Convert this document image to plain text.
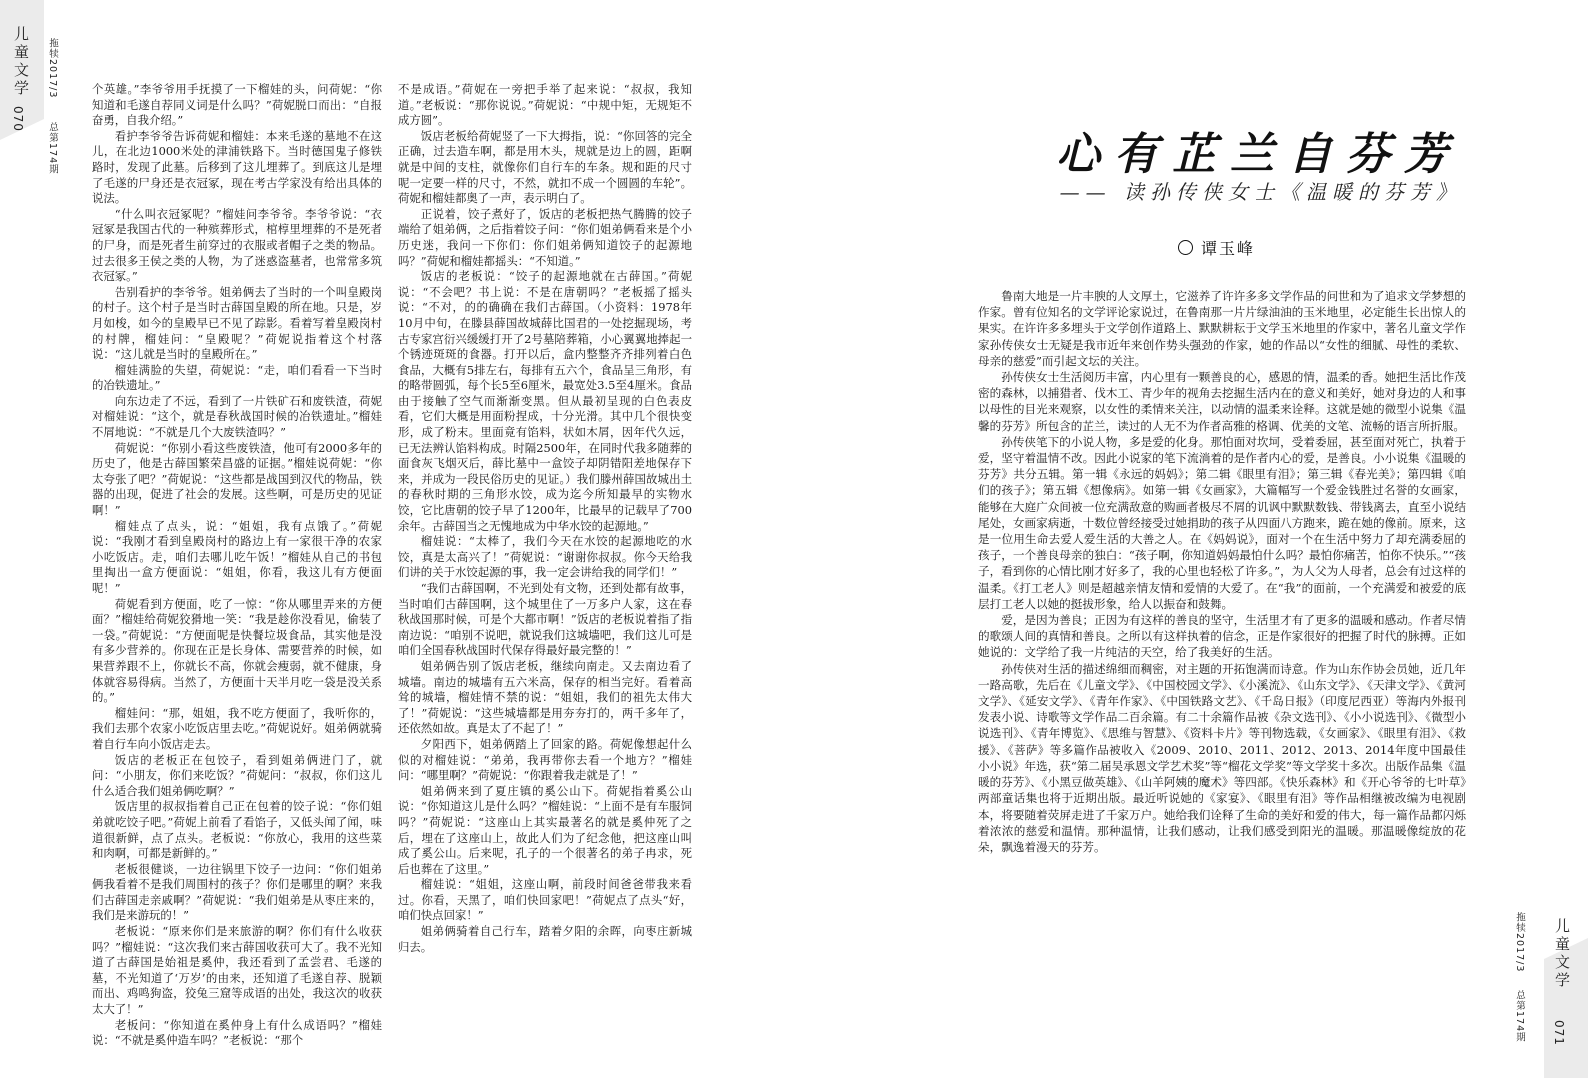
儿童文学
070
拖犊2017/3
总第174期

个英雄。”李爷爷用手抚摸了一下榴娃的头，问荷妮：“你知道和毛遂自荐同义词是什么吗？”荷妮脱口而出：“自报奋勇，自我介绍。”

看护李爷爷告诉荷妮和榴娃：本来毛遂的墓地不在这儿，在北边1000米处的津浦铁路下。当时德国鬼子修铁路时，发现了此墓。后移到了这儿埋葬了。到底这儿是埋了毛遂的尸身还是衣冠冢，现在考古学家没有给出具体的说法。

“什么叫衣冠冢呢？”榴娃问李爷爷。李爷爷说：“衣冠冢是我国古代的一种殡葬形式，棺椁里埋葬的不是死者的尸身，而是死者生前穿过的衣服或者帽子之类的物品。过去很多王侯之类的人物，为了迷惑盗墓者，也常常多筑衣冠冢。”

告别看护的李爷爷。姐弟俩去了当时的一个叫皇殿岗的村子。这个村子是当时古薛国皇殿的所在地。只是，岁月如梭，如今的皇殿早已不见了踪影。看着写着皇殿岗村的村牌，榴娃问：“皇殿呢？”荷妮说指着这个村落说：“这儿就是当时的皇殿所在。”

榴娃满脸的失望，荷妮说：“走，咱们看看一下当时的冶铁遗址。”

向东边走了不远，看到了一片铁矿石和废铁渣，荷妮对榴娃说：“这个，就是春秋战国时候的冶铁遗址。”榴娃不屑地说：“不就是几个大废铁渣吗？”

荷妮说：“你别小看这些废铁渣，他可有2000多年的历史了，他是古薛国繁荣昌盛的证据。”榴娃说荷妮：“你太夸张了吧？”荷妮说：“这些都是战国到汉代的物品，铁器的出现，促进了社会的发展。这些啊，可是历史的见证啊！”

榴娃点了点头，说：“姐姐，我有点饿了。”荷妮说：“我刚才看到皇殿岗村的路边上有一家很干净的农家小吃饭店。走，咱们去哪儿吃午饭！”榴娃从自己的书包里掏出一盒方便面说：“姐姐，你看，我这儿有方便面呢！”

荷妮看到方便面，吃了一惊：“你从哪里弄来的方便面？”榴娃给荷妮狡猾地一笑：“我是趁你没看见，偷装了一袋。”荷妮说：“方便面呢是快餐垃圾食品，其实他是没有多少营养的。你现在正是长身体、需要营养的时候，如果营养跟不上，你就长不高，你就会瘦弱，就不健康，身体就容易得病。当然了，方便面十天半月吃一袋是没关系的。”

榴娃问：“那，姐姐，我不吃方便面了，我听你的，我们去那个农家小吃饭店里去吃。”荷妮说好。姐弟俩就骑着自行车向小饭店走去。

饭店的老板正在包饺子，看到姐弟俩进门了，就问：“小朋友，你们来吃饭？”荷妮问：“叔叔，你们这儿什么适合我们姐弟俩吃啊？”

饭店里的叔叔指着自己正在包着的饺子说：“你们姐弟就吃饺子吧。”荷妮上前看了看馅子，又低头闻了闻，味道很新鲜，点了点头。老板说：“你放心，我用的这些菜和肉啊，可都是新鲜的。”

老板很健谈，一边往锅里下饺子一边问：“你们姐弟俩我看着不是我们周围村的孩子？你们是哪里的啊？来我们古薛国走亲戚啊？”荷妮说：“我们姐弟是从枣庄来的，我们是来游玩的！”

老板说：“原来你们是来旅游的啊？你们有什么收获吗？”榴娃说：“这次我们来古薛国收获可大了。我不光知道了古薛国是始祖是奚仲，我还看到了孟尝君、毛遂的墓，不光知道了‘万岁’的由来，还知道了毛遂自荐、脱颖而出、鸡鸣狗盗，狡兔三窟等成语的出处，我这次的收获太大了！”

老板问：“你知道在奚仲身上有什么成语吗？”榴娃说：“不就是奚仲造车吗？”老板说：“那个

不是成语。”荷妮在一旁把手举了起来说：“叔叔，我知道。”老板说：“那你说说。”荷妮说：“中规中矩，无规矩不成方圆”。

饭店老板给荷妮竖了一下大拇指，说：“你回答的完全正确，过去造车啊，都是用木头，规就是边上的圆，距啊就是中间的支柱，就像你们自行车的车条。规和距的尺寸呢一定要一样的尺寸，不然，就扣不成一个圆圆的车轮”。荷妮和榴娃都奥了一声，表示明白了。

正说着，饺子煮好了，饭店的老板把热气腾腾的饺子端给了姐弟俩，之后指着饺子问：“你们姐弟俩看来是个小历史迷，我问一下你们：你们姐弟俩知道饺子的起源地吗？”荷妮和榴娃都摇头：“不知道。”

饭店的老板说：“饺子的起源地就在古薛国。”荷妮说：“不会吧？书上说：不是在唐朝吗？”老板摇了摇头说：“不对，的的确确在我们古薛国。（小资料：1978年10月中旬，在滕县薛国故城薛比国君的一处挖掘现场，考古专家宫衍兴缓缓打开了2号墓陪葬箱，小心翼翼地捧起一个锈迹斑斑的食器。打开以后，盒内整整齐齐排列着白色食品，大概有5排左右，每排有五六个，食品呈三角形，有的略带圆弧，每个长5至6厘米，最宽处3.5至4厘米。食品由于接触了空气而渐渐变黑。但从最初呈现的白色表皮看，它们大概是用面粉捏成，十分光滑。其中几个很快变形，成了粉末。里面竟有馅料，状如木屑，因年代久远，已无法辨认馅料构成。时隔2500年，在同时代我多随葬的面食灰飞烟灭后，薛比墓中一盒饺子却阴错阳差地保存下来，并成为一段民俗历史的见证。）我们滕州薛国故城出土的春秋时期的三角形水饺，成为迄今所知最早的实物水饺，它比唐朝的饺子早了1200年，比最早的记载早了700余年。古薛国当之无愧地成为中华水饺的起源地。”

榴娃说：“太棒了，我们今天在水饺的起源地吃的水饺，真是太高兴了！”荷妮说：“谢谢你叔叔。你今天给我们讲的关于水饺起源的事，我一定会讲给我的同学们！”

“我们古薛国啊，不光到处有文物，还到处都有故事，当时咱们古薛国啊，这个城里住了一万多户人家，这在春秋战国那时候，可是个大都市啊！”饭店的老板说着指了指南边说：“咱别不说吧，就说我们这城墙吧，我们这儿可是咱们全国春秋战国时代保存得最好最完整的！”

姐弟俩告别了饭店老板，继续向南走。又去南边看了城墙。南边的城墙有五六米高，保存的相当完好。看着高耸的城墙，榴娃情不禁的说：“姐姐，我们的祖先太伟大了！”荷妮说：“这些城墙都是用夯夯打的，两千多年了，还依然如故。真是太了不起了！”

夕阳西下，姐弟俩踏上了回家的路。荷妮像想起什么似的对榴娃说：“弟弟，我再带你去看一个地方？”榴娃问：“哪里啊？”荷妮说：“你跟着我走就是了！”

姐弟俩来到了夏庄镇的奚公山下。荷妮指着奚公山说：“你知道这儿是什么吗？”榴娃说：“上面不是有车服饲吗？”荷妮说：“这座山上其实最著名的就是奚仲死了之后，埋在了这座山上，故此人们为了纪念他，把这座山叫成了奚公山。后来呢，孔子的一个很著名的弟子冉求，死后也葬在了这里。”

榴娃说：“姐姐，这座山啊，前段时间爸爸带我来看过。你看，天黑了，咱们快回家吧！”荷妮点了点头“好，咱们快点回家！”

姐弟俩骑着自己行车，踏着夕阳的余晖，向枣庄新城归去。

心有芷兰自芬芳
—— 读孙传侠女士《温暖的芬芳》
谭玉峰

鲁南大地是一片丰腴的人文厚土，它滋养了许许多多文学作品的问世和为了追求文学梦想的作家。曾有位知名的文学评论家说过，在鲁南那一片片绿油油的玉米地里，必定能生长出惊人的果实。在许许多多埋头于文学创作道路上、默默耕耘于文学玉米地里的作家中，著名儿童文学作家孙传侠女士无疑是我市近年来创作势头强劲的作家，她的作品以“女性的细腻、母性的柔软、母亲的慈爱”而引起文坛的关注。

孙传侠女士生活阅历丰富，内心里有一颗善良的心，感恩的情，温柔的香。她把生活比作茂密的森林，以捕猎者、伐木工、青少年的视角去挖掘生活内在的意义和美好，她对身边的人和事以母性的目光来观察，以女性的柔情来关注，以动情的温柔来诠释。这就是她的微型小说集《温馨的芬芳》所包含的芷兰，读过的人无不为作者高雅的格调、优美的文笔、流畅的语言所折服。

孙传侠笔下的小说人物，多是爱的化身。那怕面对坎坷，受着委屈，甚至面对死亡，执着于爱，坚守着温情不改。因此小说家的笔下流淌着的是作者内心的爱，是善良。小小说集《温暖的芬芳》共分五辑。第一辑《永远的妈妈》；第二辑《眼里有泪》；第三辑《春光美》；第四辑《咱们的孩子》；第五辑《想像病》。如第一辑《女画家》，大篇幅写一个爱金钱胜过名誉的女画家，能够在大庭广众间被一位充满敌意的购画者极尽不屑的讥讽中默默数钱、带钱离去，直至小说结尾处，女画家病逝，十数位曾经接受过她捐助的孩子从四面八方跑来，跪在她的像前。原来，这是一位用生命去爱人爱生活的大善之人。在《妈妈说》，面对一个在生活中努力了却充满委屈的孩子，一个善良母亲的独白：“孩子啊，你知道妈妈最怕什么吗？最怕你痛苦，怕你不快乐。”“孩子，看到你的心情比刚才好多了，我的心里也轻松了许多。”，为人父为人母者，总会有过这样的温柔。《打工老人》则是超越亲情友情和爱情的大爱了。在“我”的面前，一个充满爱和被爱的底层打工老人以她的挺拔形象，给人以振奋和鼓舞。

爱，是因为善良；正因为有这样的善良的坚守，生活里才有了更多的温暖和感动。作者尽情的歌颂人间的真情和善良。之所以有这样执着的信念，正是作家很好的把握了时代的脉搏。正如她说的：文学给了我一片纯洁的天空，给了我美好的生活。

孙传侠对生活的描述绵细而稠密，对主题的开拓饱满而诗意。作为山东作协会员她，近几年一路高歌，先后在《儿童文学》、《中国校园文学》、《小溪流》、《山东文学》、《天津文学》、《黄河文学》、《延安文学》、《青年作家》、《中国铁路文艺》、《千岛日报》（印度尼西亚）等海内外报刊发表小说、诗歌等文学作品二百余篇。有二十余篇作品被《杂文选刊》、《小小说选刊》、《微型小说选刊》、《青年博览》、《思维与智慧》、《资料卡片》等刊物选载，《女画家》、《眼里有泪》、《救援》、《菩萨》等多篇作品被收入《2009、2010、2011、2012、2013、2014年度中国最佳小小说》年选，获“第二届吴承恩文学艺术奖”等“榴花文学奖”等文学奖十多次。出版作品集《温暖的芬芳》、《小黑豆做英雄》、《山羊阿姨的魔术》等四部。《快乐森林》和《开心爷爷的七叶草》两部童话集也将于近期出版。最近听说她的《家宴》、《眼里有泪》等作品相继被改编为电视剧本，将要随着荧屏走进了千家万户。她给我们诠释了生命的美好和爱的伟大，每一篇作品都闪烁着浓浓的慈爱和温情。那种温情，让我们感动，让我们感受到阳光的温暖。那温暖像绽放的花朵，飘逸着漫天的芬芳。

拖犊2017/3
总第174期
儿童文学
071
